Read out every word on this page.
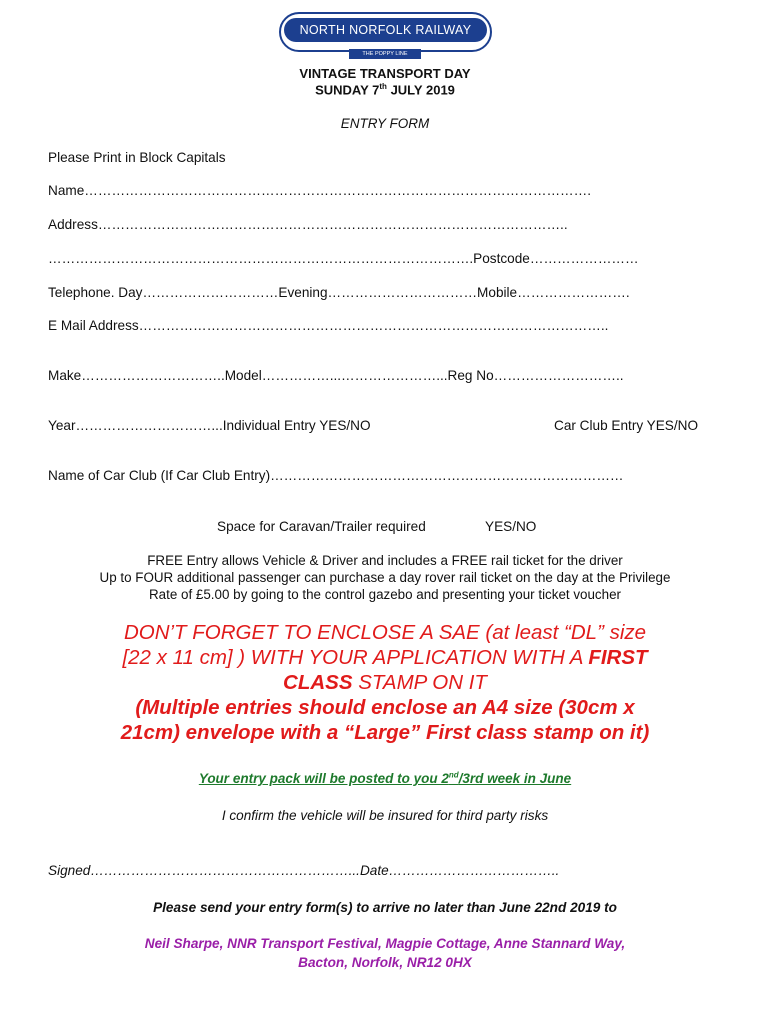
NORTH NORFOLK RAILWAY
THE POPPY LINE
VINTAGE TRANSPORT DAY
SUNDAY 7th JULY 2019
ENTRY FORM
Please Print in Block Capitals
Name………………………………………………………………………………………………….
Address…………………………………………………………………………………………..
………………………………………………………………………………….Postcode……………………
Telephone. Day…………………………Evening……………………………Mobile…………………….
E Mail Address…………………………………………………………………………………………..
Make…………………………..Model……………...…………………...Reg No………………………..
Year…………………………...Individual Entry YES/NO	Car Club Entry YES/NO
Name of Car Club (If Car Club Entry)……………………………………………………………………
Space for Caravan/Trailer required	YES/NO
FREE Entry allows Vehicle & Driver and includes a FREE rail ticket for the driver
Up to FOUR additional passenger can purchase a day rover rail ticket on the day at the Privilege
Rate of £5.00 by going to the control gazebo and presenting your ticket voucher
DON’T FORGET TO ENCLOSE A SAE (at least “DL” size
[22 x 11 cm] ) WITH YOUR APPLICATION WITH A FIRST
CLASS STAMP ON IT
(Multiple entries should enclose an A4 size (30cm x
21cm) envelope with a “Large” First class stamp on it)
Your entry pack will be posted to you 2nd/3rd week in June
I confirm the vehicle will be insured for third party risks
Signed…………………………………………………...Date………………………………..
Please send your entry form(s) to arrive no later than June 22nd 2019 to
Neil Sharpe, NNR Transport Festival, Magpie Cottage, Anne Stannard Way,
Bacton, Norfolk, NR12 0HX
